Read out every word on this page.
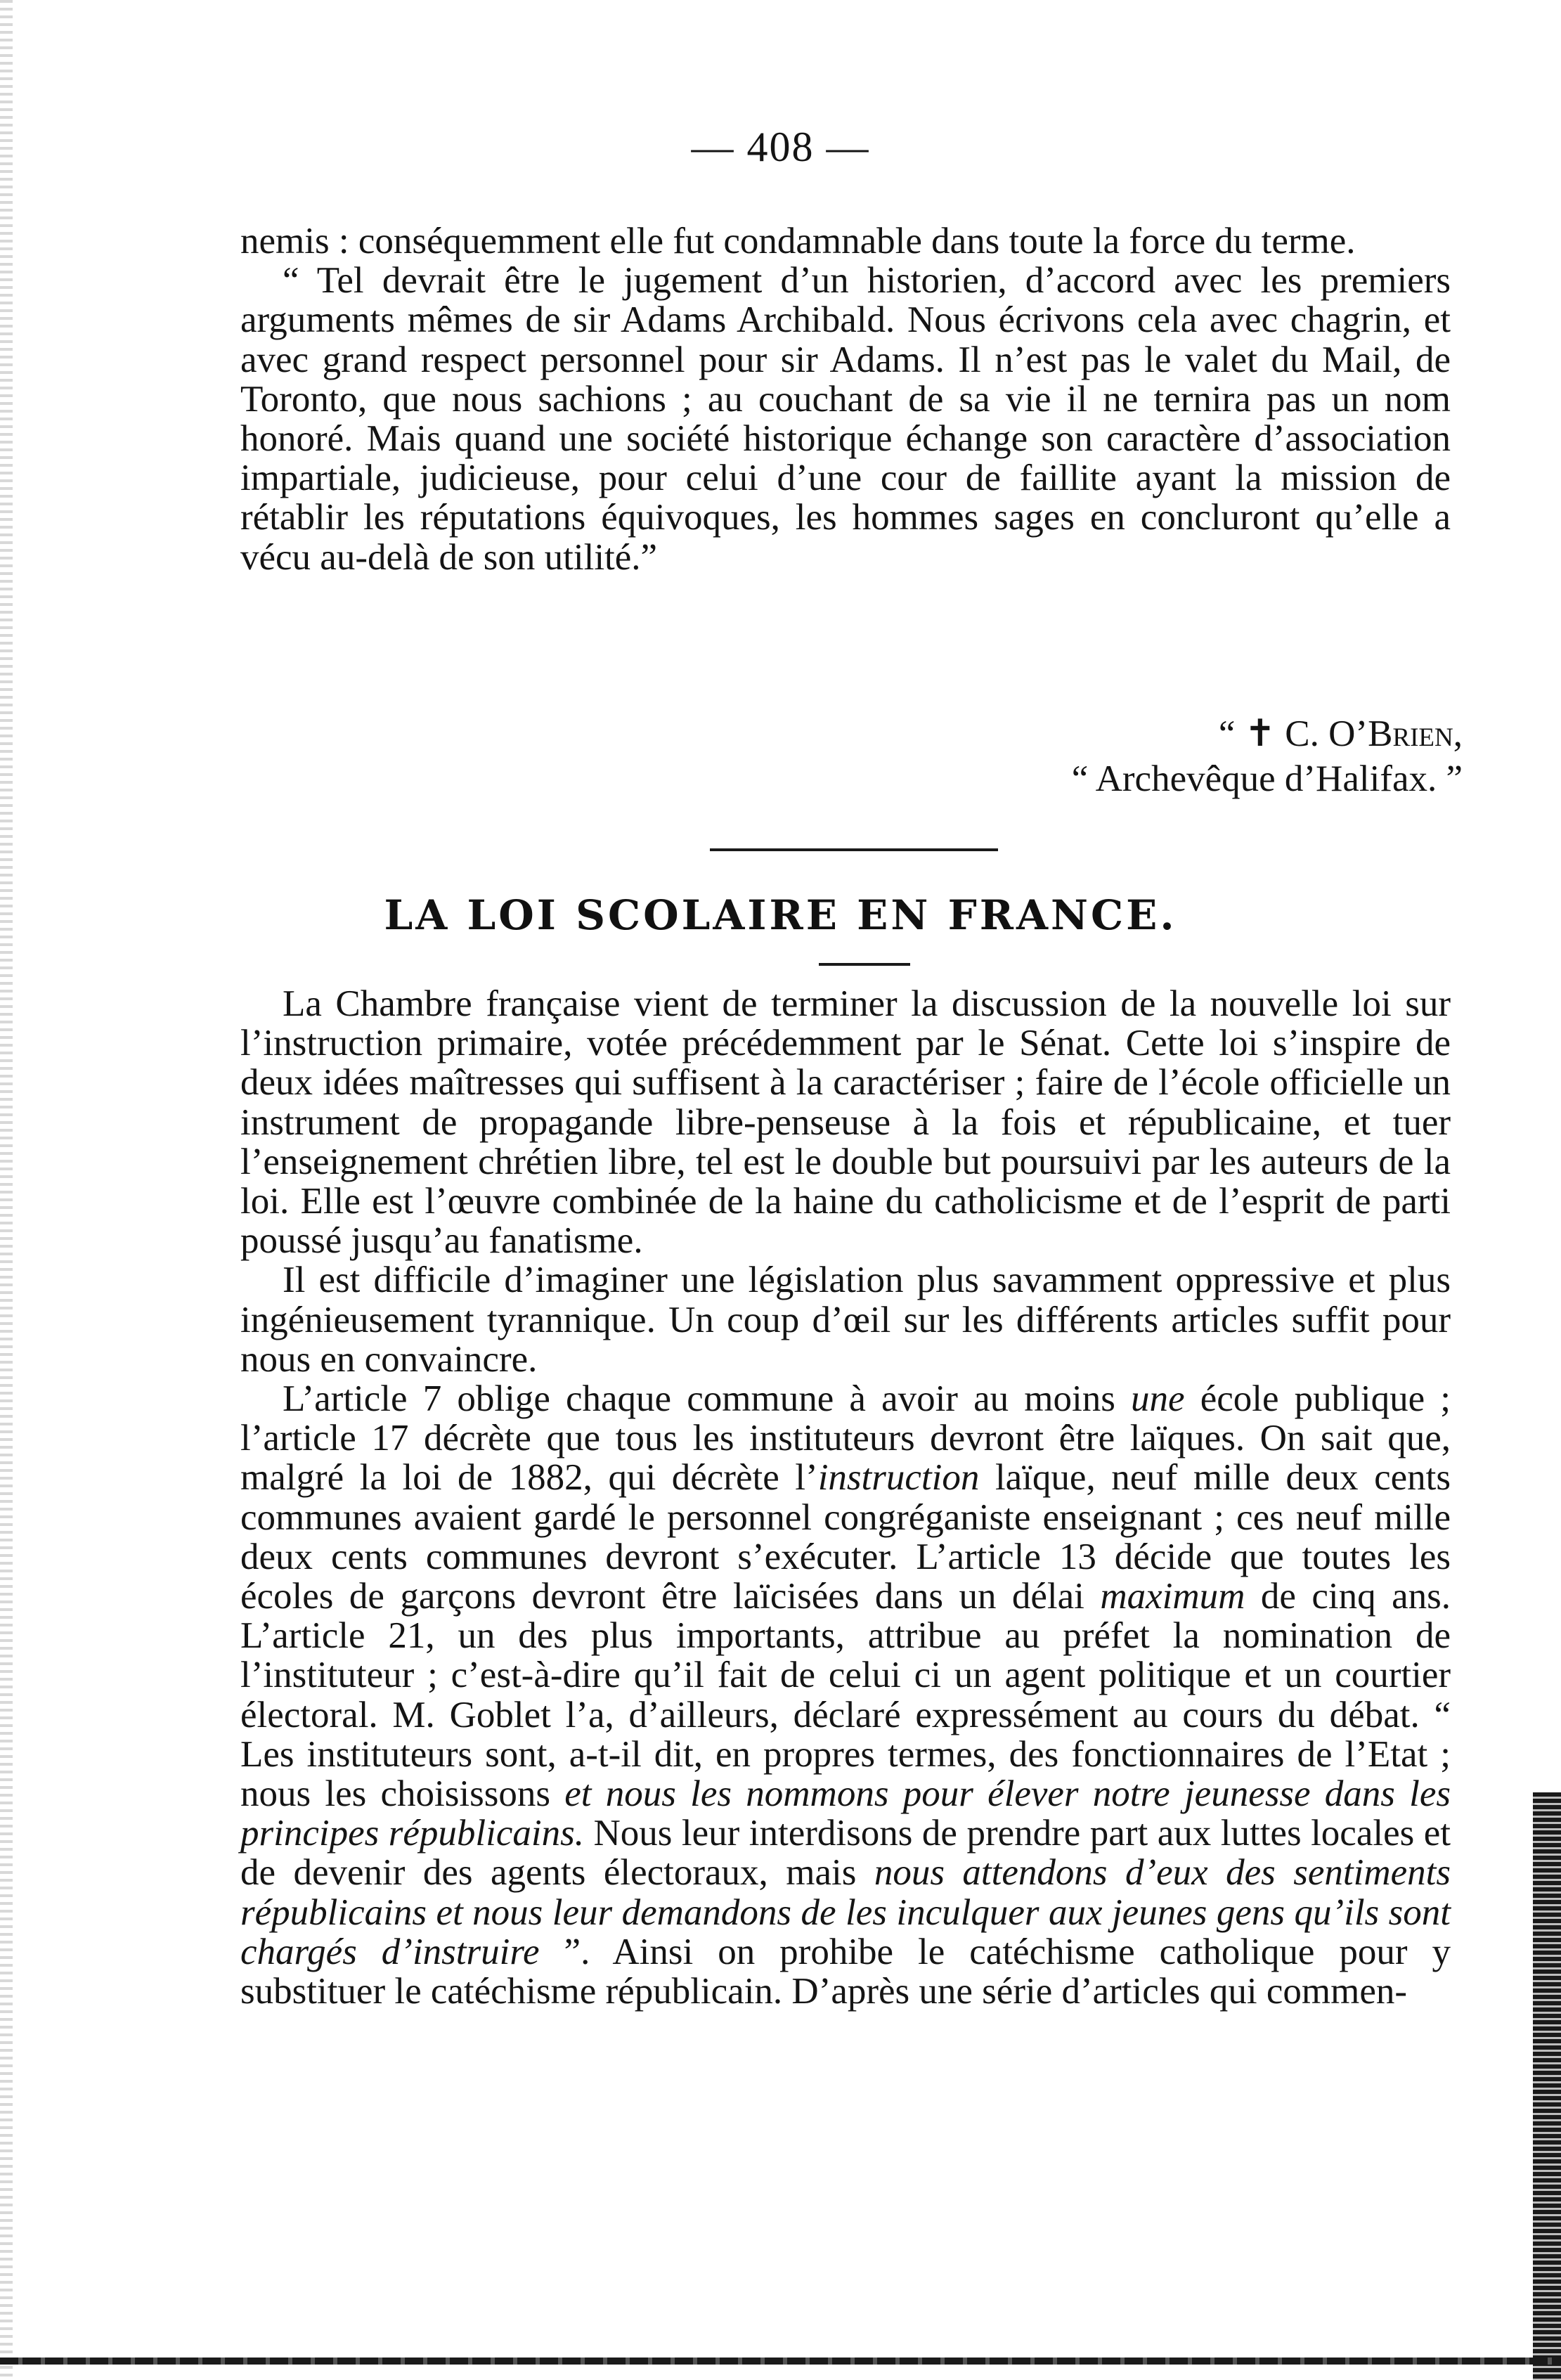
— 408 —

nemis : conséquemment elle fut condamnable dans toute la force du terme.

“ Tel devrait être le jugement d’un historien, d’accord avec les premiers arguments mêmes de sir Adams Archibald. Nous écrivons cela avec chagrin, et avec grand respect personnel pour sir Adams. Il n’est pas le valet du Mail, de Toronto, que nous sachions ; au couchant de sa vie il ne ternira pas un nom honoré. Mais quand une société historique échange son caractère d’association impartiale, judicieuse, pour celui d’une cour de faillite ayant la mission de rétablir les réputations équivoques, les hommes sages en concluront qu’elle a vécu au-delà de son utilité.”

“ ✝ C. O’Brien,
“ Archevêque d’Halifax. ”
LA LOI SCOLAIRE EN FRANCE.

La Chambre française vient de terminer la discussion de la nouvelle loi sur l’instruction primaire, votée précédemment par le Sénat. Cette loi s’inspire de deux idées maîtresses qui suffisent à la caractériser ; faire de l’école officielle un instrument de propagande libre-penseuse à la fois et républicaine, et tuer l’enseignement chrétien libre, tel est le double but poursuivi par les auteurs de la loi. Elle est l’œuvre combinée de la haine du catholicisme et de l’esprit de parti poussé jusqu’au fanatisme.

Il est difficile d’imaginer une législation plus savamment oppressive et plus ingénieusement tyrannique. Un coup d’œil sur les différents articles suffit pour nous en convaincre.

L’article 7 oblige chaque commune à avoir au moins une école publique ; l’article 17 décrète que tous les instituteurs devront être laïques. On sait que, malgré la loi de 1882, qui décrète l’instruction laïque, neuf mille deux cents communes avaient gardé le personnel congréganiste enseignant ; ces neuf mille deux cents communes devront s’exécuter. L’article 13 décide que toutes les écoles de garçons devront être laïcisées dans un délai maximum de cinq ans. L’article 21, un des plus importants, attribue au préfet la nomination de l’instituteur ; c’est-à-dire qu’il fait de celui ci un agent politique et un courtier électoral. M. Goblet l’a, d’ailleurs, déclaré expressément au cours du débat. “ Les instituteurs sont, a-t-il dit, en propres termes, des fonctionnaires de l’Etat ; nous les choisissons et nous les nommons pour élever notre jeunesse dans les principes républicains. Nous leur interdisons de prendre part aux luttes locales et de devenir des agents électoraux, mais nous attendons d’eux des sentiments républicains et nous leur demandons de les inculquer aux jeunes gens qu’ils sont chargés d’instruire ”. Ainsi on prohibe le catéchisme catholique pour y substituer le catéchisme républicain. D’après une série d’articles qui commen-
